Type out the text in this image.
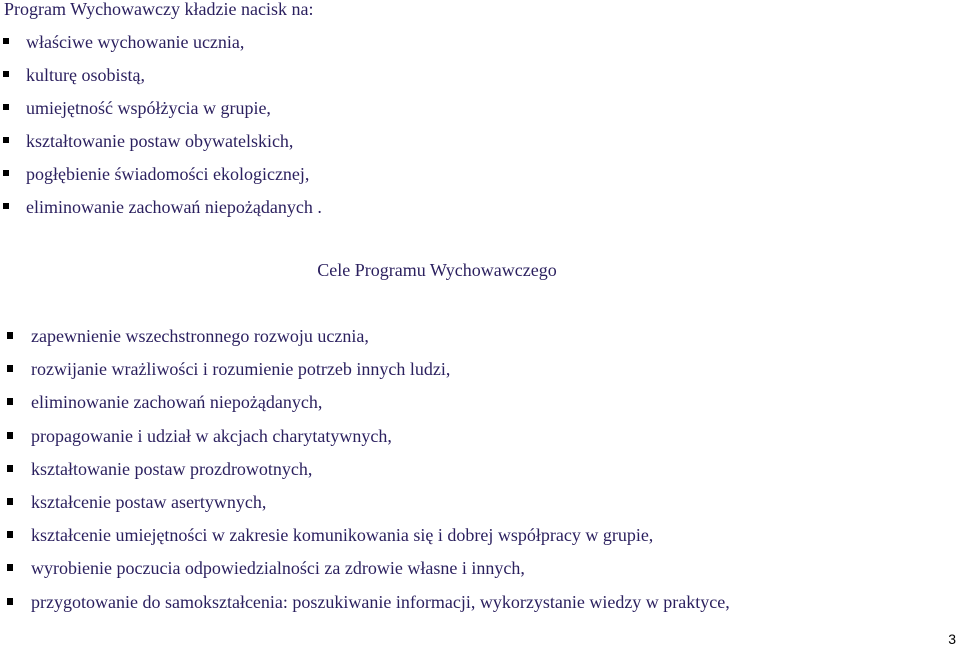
Program Wychowawczy kładzie nacisk na:

właściwe wychowanie ucznia,
kulturę osobistą,
umiejętność współżycia w grupie,
kształtowanie postaw obywatelskich,
pogłębienie świadomości ekologicznej,
eliminowanie zachowań niepożądanych .
Cele Programu Wychowawczego
zapewnienie wszechstronnego rozwoju ucznia,
rozwijanie wrażliwości i rozumienie potrzeb innych ludzi,
eliminowanie zachowań niepożądanych,
propagowanie i udział w akcjach charytatywnych,
kształtowanie postaw prozdrowotnych,
kształcenie postaw asertywnych,
kształcenie umiejętności w zakresie komunikowania się i dobrej współpracy w grupie,
wyrobienie poczucia odpowiedzialności za zdrowie własne i innych,
przygotowanie do samokształcenia: poszukiwanie informacji, wykorzystanie wiedzy w praktyce,
3
